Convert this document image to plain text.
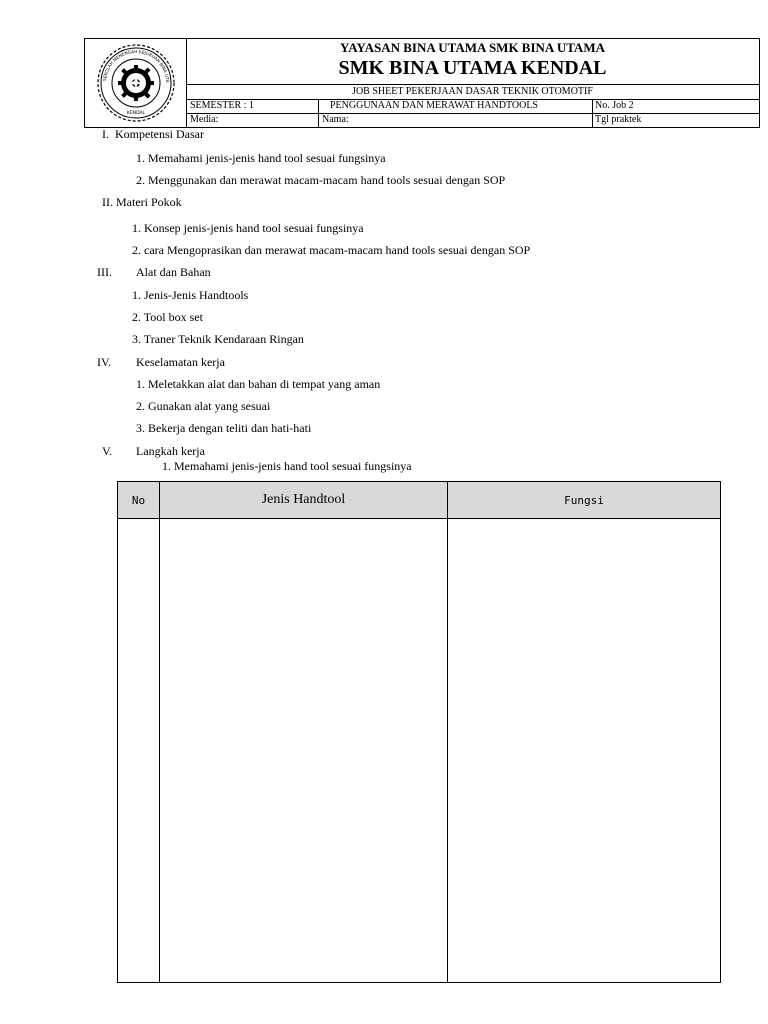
SEKOLAH MENENGAH KEJURUAN BINA UTA
KENDAL
YAYASAN BINA UTAMA SMK BINA UTAMA
SMK BINA UTAMA KENDAL
JOB SHEET PEKERJAAN DASAR TEKNIK OTOMOTIF
SEMESTER : 1	PENGGUNAAN DAN MERAWAT HANDTOOLS	No. Job 2
Media:	Nama:	Tgl praktek
I. Kompetensi Dasar
1. Memahami jenis-jenis hand tool sesuai fungsinya
2. Menggunakan dan merawat macam-macam hand tools sesuai dengan SOP
II. Materi Pokok
1. Konsep jenis-jenis hand tool sesuai fungsinya
2. cara Mengoprasikan dan merawat macam-macam hand tools sesuai dengan SOP
III. Alat dan Bahan
1. Jenis-Jenis Handtools
2. Tool box set
3. Traner Teknik Kendaraan Ringan
IV. Keselamatan kerja
1. Meletakkan alat dan bahan di tempat yang aman
2. Gunakan alat yang sesuai
3. Bekerja dengan teliti dan hati-hati
V. Langkah kerja
1. Memahami jenis-jenis hand tool sesuai fungsinya
No	Jenis Handtool	Fungsi
